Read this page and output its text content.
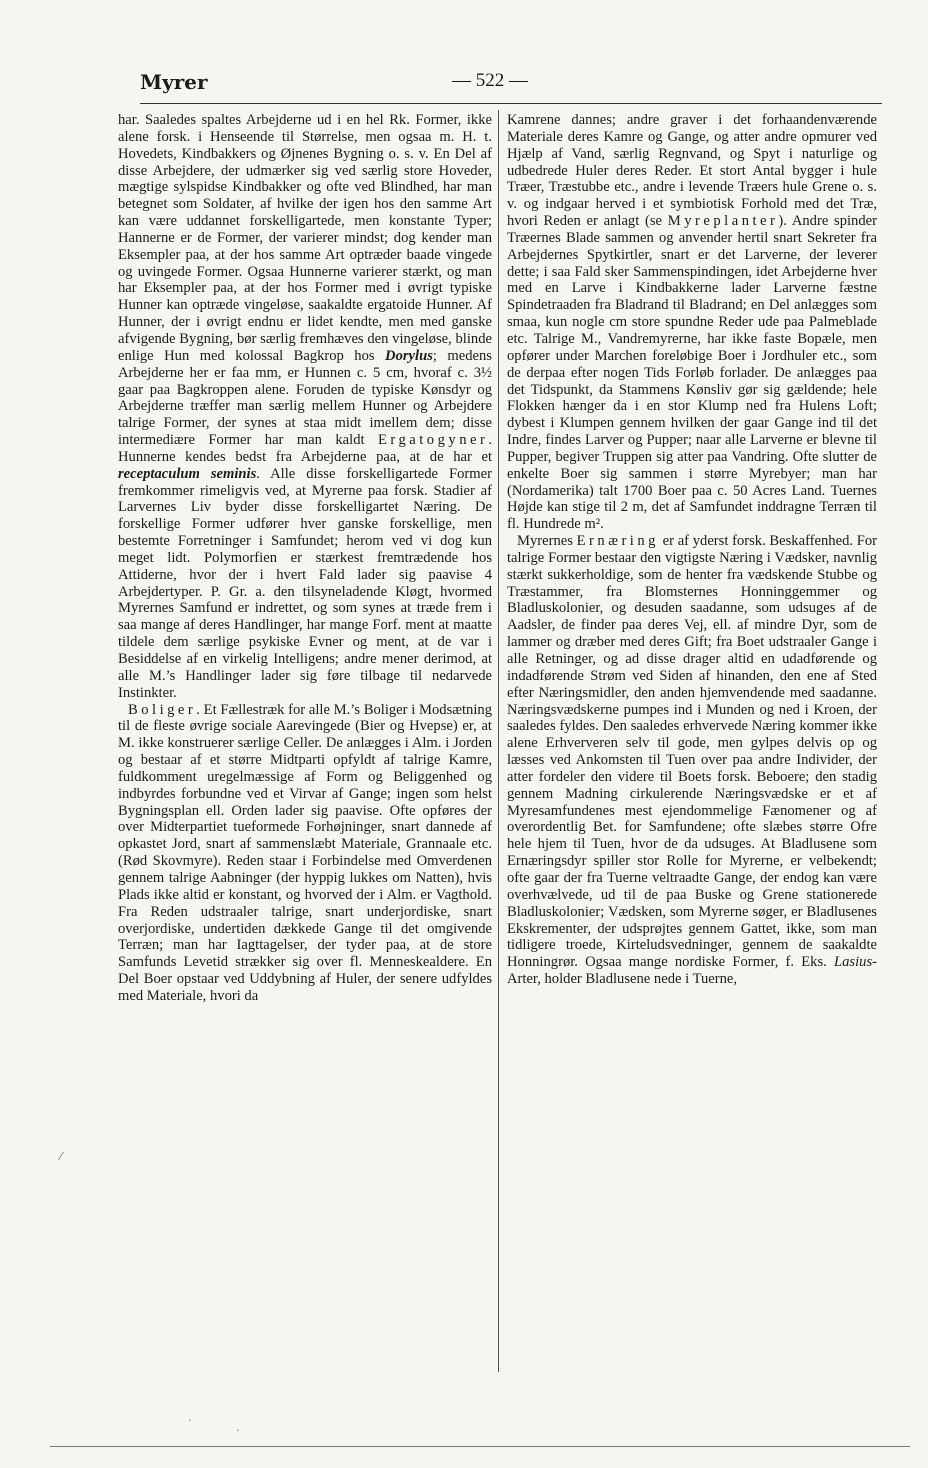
Myrer	— 522 —

har. Saaledes spaltes Arbejderne ud i en hel Rk. Former, ikke alene forsk. i Henseende til Størrelse, men ogsaa m. H. t. Hovedets, Kindbakkers og Øjnenes Bygning o. s. v. En Del af disse Arbejdere, der udmærker sig ved særlig store Hoveder, mægtige sylspidse Kindbakker og ofte ved Blindhed, har man betegnet som Soldater, af hvilke der igen hos den samme Art kan være uddannet forskelligartede, men konstante Typer; Hannerne er de Former, der varierer mindst; dog kender man Eksempler paa, at der hos samme Art optræder baade vingede og uvingede Former. Ogsaa Hunnerne varierer stærkt, og man har Eksempler paa, at der hos Former med i øvrigt typiske Hunner kan optræde vingeløse, saakaldte ergatoide Hunner. Af Hunner, der i øvrigt endnu er lidet kendte, men med ganske afvigende Bygning, bør særlig fremhæves den vingeløse, blinde enlige Hun med kolossal Bagkrop hos Dorylus; medens Arbejderne her er faa mm, er Hunnen c. 5 cm, hvoraf c. 3½ gaar paa Bagkroppen alene. Foruden de typiske Kønsdyr og Arbejderne træffer man særlig mellem Hunner og Arbejdere talrige Former, der synes at staa midt imellem dem; disse intermediære Former har man kaldt Ergatogyner. Hunnerne kendes bedst fra Arbejderne paa, at de har et receptaculum seminis. Alle disse forskelligartede Former fremkommer rimeligvis ved, at Myrerne paa forsk. Stadier af Larvernes Liv byder disse forskelligartet Næring. De forskellige Former udfører hver ganske forskellige, men bestemte Forretninger i Samfundet; herom ved vi dog kun meget lidt. Polymorfien er stærkest fremtrædende hos Attiderne, hvor der i hvert Fald lader sig paavise 4 Arbejdertyper. P. Gr. a. den tilsyneladende Kløgt, hvormed Myrernes Samfund er indrettet, og som synes at træde frem i saa mange af deres Handlinger, har mange Forf. ment at maatte tildele dem særlige psykiske Evner og ment, at de var i Besiddelse af en virkelig Intelligens; andre mener derimod, at alle M.’s Handlinger lader sig føre tilbage til nedarvede Instinkter.

Boliger. Et Fællestræk for alle M.’s Boliger i Modsætning til de fleste øvrige sociale Aarevingede (Bier og Hvepse) er, at M. ikke konstruerer særlige Celler. De anlægges i Alm. i Jorden og bestaar af et større Midtparti opfyldt af talrige Kamre, fuldkomment uregelmæssige af Form og Beliggenhed og indbyrdes forbundne ved et Virvar af Gange; ingen som helst Bygningsplan ell. Orden lader sig paavise. Ofte opføres der over Midterpartiet tueformede Forhøjninger, snart dannede af opkastet Jord, snart af sammenslæbt Materiale, Grannaale etc. (Rød Skovmyre). Reden staar i Forbindelse med Omverdenen gennem talrige Aabninger (der hyppig lukkes om Natten), hvis Plads ikke altid er konstant, og hvorved der i Alm. er Vagthold. Fra Reden udstraaler talrige, snart underjordiske, snart overjordiske, undertiden dækkede Gange til det omgivende Terræn; man har Iagttagelser, der tyder paa, at de store Samfunds Levetid strækker sig over fl. Menneskealdere. En Del Boer opstaar ved Uddybning af Huler, der senere udfyldes med Materiale, hvori da

Kamrene dannes; andre graver i det forhaandenværende Materiale deres Kamre og Gange, og atter andre opmurer ved Hjælp af Vand, særlig Regnvand, og Spyt i naturlige og udbedrede Huler deres Reder. Et stort Antal bygger i hule Træer, Træstubbe etc., andre i levende Træers hule Grene o. s. v. og indgaar herved i et symbiotisk Forhold med det Træ, hvori Reden er anlagt (se Myreplanter). Andre spinder Træernes Blade sammen og anvender hertil snart Sekreter fra Arbejdernes Spytkirtler, snart er det Larverne, der leverer dette; i saa Fald sker Sammenspindingen, idet Arbejderne hver med en Larve i Kindbakkerne lader Larverne fæstne Spindetraaden fra Bladrand til Bladrand; en Del anlægges som smaa, kun nogle cm store spundne Reder ude paa Palmeblade etc. Talrige M., Vandremyrerne, har ikke faste Bopæle, men opfører under Marchen foreløbige Boer i Jordhuler etc., som de derpaa efter nogen Tids Forløb forlader. De anlægges paa det Tidspunkt, da Stammens Kønsliv gør sig gældende; hele Flokken hænger da i en stor Klump ned fra Hulens Loft; dybest i Klumpen gennem hvilken der gaar Gange ind til det Indre, findes Larver og Pupper; naar alle Larverne er blevne til Pupper, begiver Truppen sig atter paa Vandring. Ofte slutter de enkelte Boer sig sammen i større Myrebyer; man har (Nordamerika) talt 1700 Boer paa c. 50 Acres Land. Tuernes Højde kan stige til 2 m, det af Samfundet inddragne Terræn til fl. Hundrede m².

Myrernes Ernæring er af yderst forsk. Beskaffenhed. For talrige Former bestaar den vigtigste Næring i Vædsker, navnlig stærkt sukkerholdige, som de henter fra vædskende Stubbe og Træstammer, fra Blomsternes Honninggemmer og Bladluskolonier, og desuden saadanne, som udsuges af de Aadsler, de finder paa deres Vej, ell. af mindre Dyr, som de lammer og dræber med deres Gift; fra Boet udstraaler Gange i alle Retninger, og ad disse drager altid en udadførende og indadførende Strøm ved Siden af hinanden, den ene af Sted efter Næringsmidler, den anden hjemvendende med saadanne. Næringsvædskerne pumpes ind i Munden og ned i Kroen, der saaledes fyldes. Den saaledes erhvervede Næring kommer ikke alene Erhververen selv til gode, men gylpes delvis op og læsses ved Ankomsten til Tuen over paa andre Individer, der atter fordeler den videre til Boets forsk. Beboere; den stadig gennem Madning cirkulerende Næringsvædske er et af Myresamfundenes mest ejendommelige Fænomener og af overordentlig Bet. for Samfundene; ofte slæbes større Ofre hele hjem til Tuen, hvor de da udsuges. At Bladlusene som Ernæringsdyr spiller stor Rolle for Myrerne, er velbekendt; ofte gaar der fra Tuerne veltraadte Gange, der endog kan være overhvælvede, ud til de paa Buske og Grene stationerede Bladluskolonier; Vædsken, som Myrerne søger, er Bladlusenes Ekskrementer, der udsprøjtes gennem Gattet, ikke, som man tidligere troede, Kirteludsvedninger, gennem de saakaldte Honningrør. Ogsaa mange nordiske Former, f. Eks. Lasius-Arter, holder Bladlusene nede i Tuerne,

⁄
·
·
